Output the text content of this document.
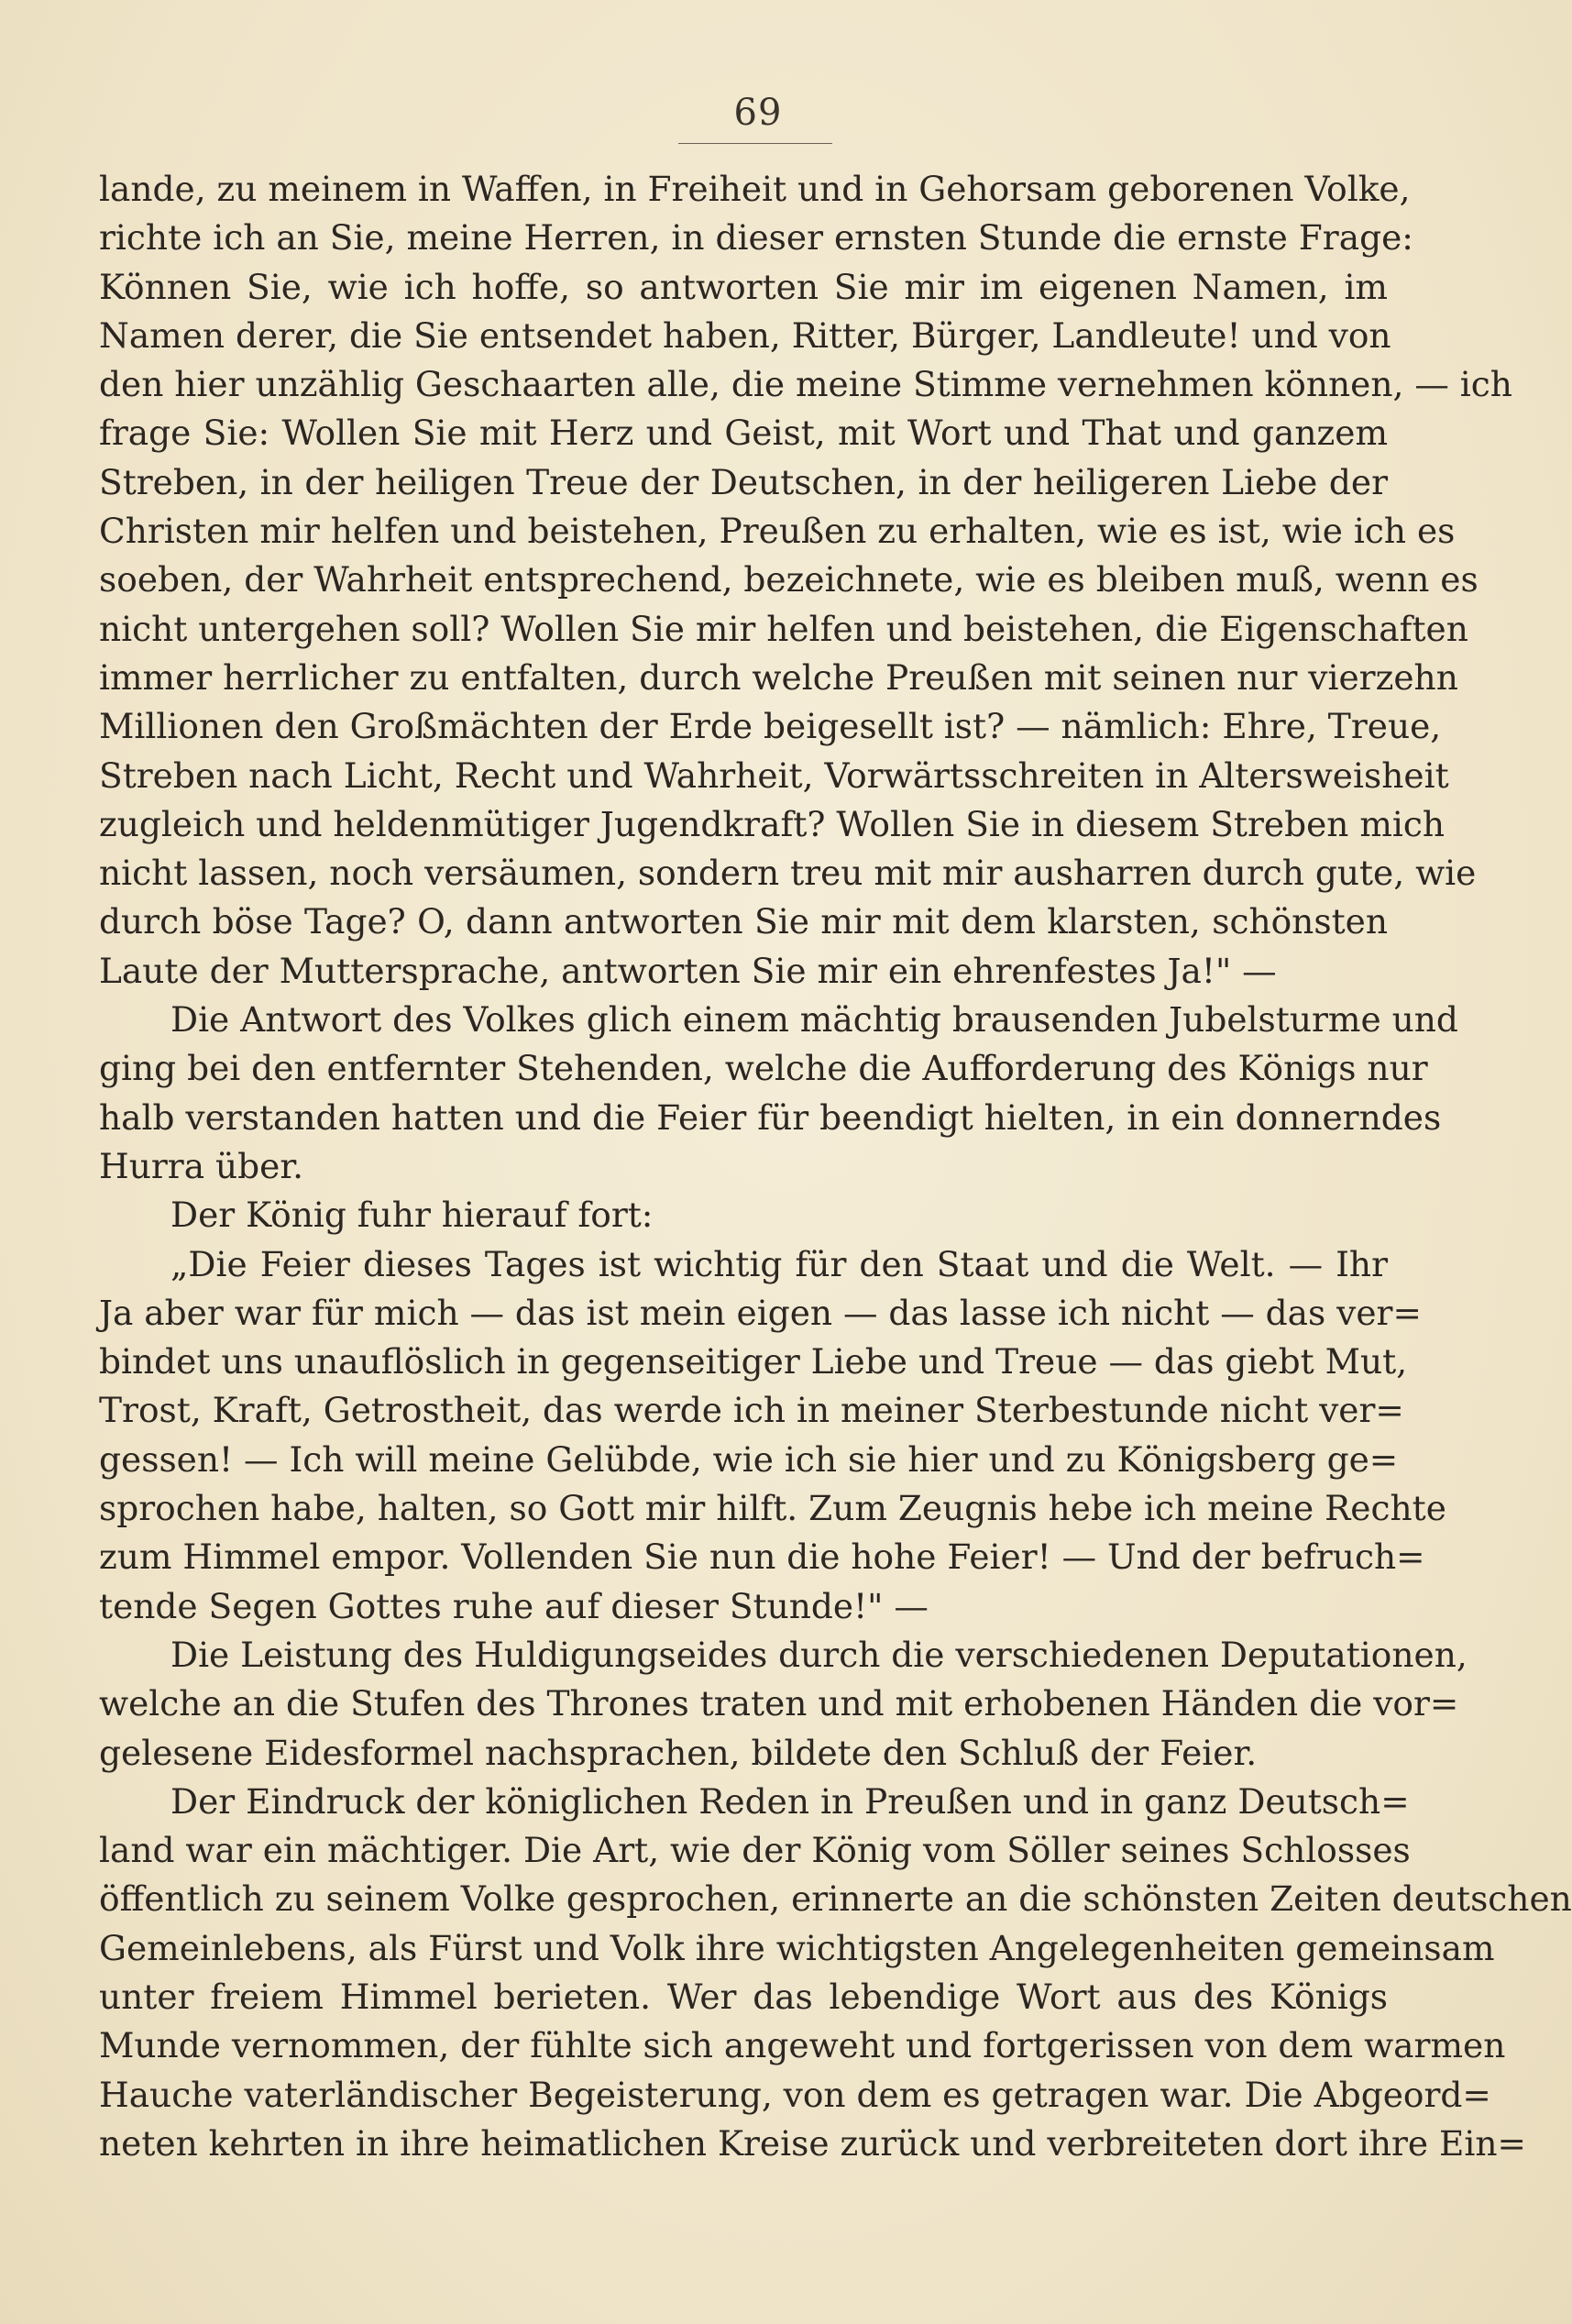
69
lande, zu meinem in Waffen, in Freiheit und in Gehorsam geborenen Volke,
richte ich an Sie, meine Herren, in dieser ernsten Stunde die ernste Frage:
Können Sie, wie ich hoffe, so antworten Sie mir im eigenen Namen, im
Namen derer, die Sie entsendet haben, Ritter, Bürger, Landleute! und von
den hier unzählig Geschaarten alle, die meine Stimme vernehmen können, — ich
frage Sie: Wollen Sie mit Herz und Geist, mit Wort und That und ganzem
Streben, in der heiligen Treue der Deutschen, in der heiligeren Liebe der
Christen mir helfen und beistehen, Preußen zu erhalten, wie es ist, wie ich es
soeben, der Wahrheit entsprechend, bezeichnete, wie es bleiben muß, wenn es
nicht untergehen soll? Wollen Sie mir helfen und beistehen, die Eigenschaften
immer herrlicher zu entfalten, durch welche Preußen mit seinen nur vierzehn
Millionen den Großmächten der Erde beigesellt ist? — nämlich: Ehre, Treue,
Streben nach Licht, Recht und Wahrheit, Vorwärtsschreiten in Altersweisheit
zugleich und heldenmütiger Jugendkraft? Wollen Sie in diesem Streben mich
nicht lassen, noch versäumen, sondern treu mit mir ausharren durch gute, wie
durch böse Tage? O, dann antworten Sie mir mit dem klarsten, schönsten
Laute der Muttersprache, antworten Sie mir ein ehrenfestes Ja!" —
Die Antwort des Volkes glich einem mächtig brausenden Jubelsturme und
ging bei den entfernter Stehenden, welche die Aufforderung des Königs nur
halb verstanden hatten und die Feier für beendigt hielten, in ein donnerndes
Hurra über.
Der König fuhr hierauf fort:
„Die Feier dieses Tages ist wichtig für den Staat und die Welt. — Ihr
Ja aber war für mich — das ist mein eigen — das lasse ich nicht — das ver=
bindet uns unauflöslich in gegenseitiger Liebe und Treue — das giebt Mut,
Trost, Kraft, Getrostheit, das werde ich in meiner Sterbestunde nicht ver=
gessen! — Ich will meine Gelübde, wie ich sie hier und zu Königsberg ge=
sprochen habe, halten, so Gott mir hilft. Zum Zeugnis hebe ich meine Rechte
zum Himmel empor. Vollenden Sie nun die hohe Feier! — Und der befruch=
tende Segen Gottes ruhe auf dieser Stunde!" —
Die Leistung des Huldigungseides durch die verschiedenen Deputationen,
welche an die Stufen des Thrones traten und mit erhobenen Händen die vor=
gelesene Eidesformel nachsprachen, bildete den Schluß der Feier.
Der Eindruck der königlichen Reden in Preußen und in ganz Deutsch=
land war ein mächtiger. Die Art, wie der König vom Söller seines Schlosses
öffentlich zu seinem Volke gesprochen, erinnerte an die schönsten Zeiten deutschen
Gemeinlebens, als Fürst und Volk ihre wichtigsten Angelegenheiten gemeinsam
unter freiem Himmel berieten. Wer das lebendige Wort aus des Königs
Munde vernommen, der fühlte sich angeweht und fortgerissen von dem warmen
Hauche vaterländischer Begeisterung, von dem es getragen war. Die Abgeord=
neten kehrten in ihre heimatlichen Kreise zurück und verbreiteten dort ihre Ein=
